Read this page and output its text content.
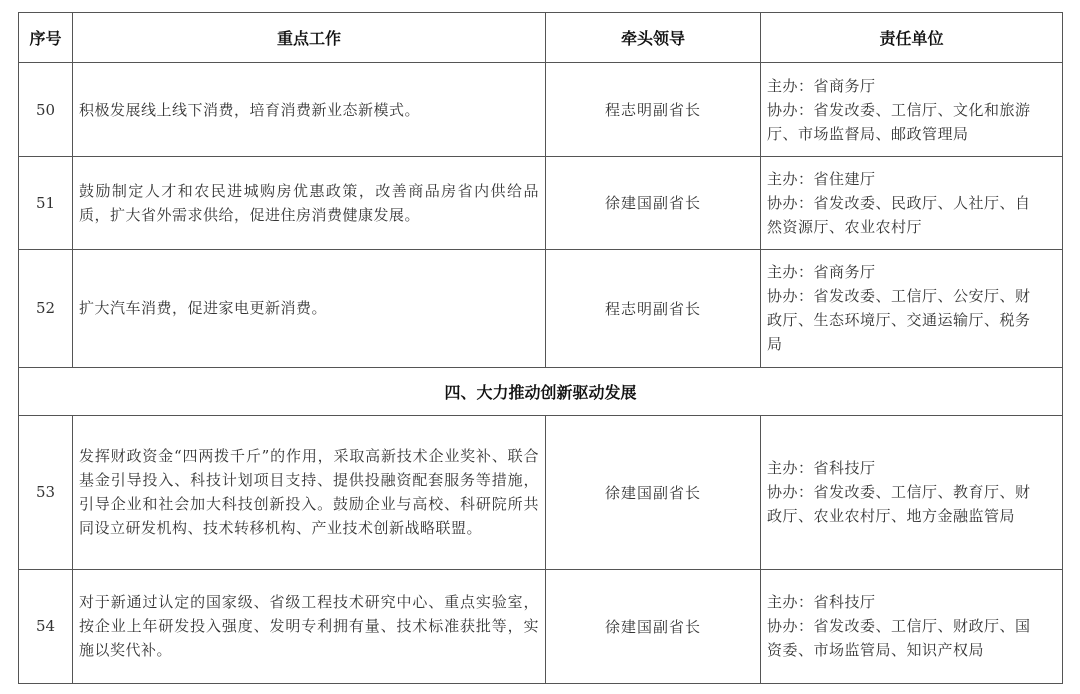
序号	重点工作	牵头领导	责任单位
50	积极发展线上线下消费，培育消费新业态新模式。	程志明副省长	主办：省商务厅
协办：省发改委、工信厅、文化和旅游
厅、市场监督局、邮政管理局

51	鼓励制定人才和农民进城购房优惠政策，改善商品房省内供给品质，扩大省外需求供给，促进住房消费健康发展。	徐建国副省长	主办：省住建厅
协办：省发改委、民政厅、人社厅、自
然资源厅、农业农村厅

52	扩大汽车消费，促进家电更新消费。	程志明副省长	主办：省商务厅
协办：省发改委、工信厅、公安厅、财
政厅、生态环境厅、交通运输厅、税务
局

四、大力推动创新驱动发展			
53	发挥财政资金“四两拨千斤”的作用，采取高新技术企业奖补、联合基金引导投入、科技计划项目支持、提供投融资配套服务等措施，引导企业和社会加大科技创新投入。鼓励企业与高校、科研院所共同设立研发机构、技术转移机构、产业技术创新战略联盟。	徐建国副省长	主办：省科技厅
协办：省发改委、工信厅、教育厅、财
政厅、农业农村厅、地方金融监管局

54	对于新通过认定的国家级、省级工程技术研究中心、重点实验室，按企业上年研发投入强度、发明专利拥有量、技术标准获批等，实施以奖代补。	徐建国副省长	主办：省科技厅
协办：省发改委、工信厅、财政厅、国
资委、市场监管局、知识产权局
